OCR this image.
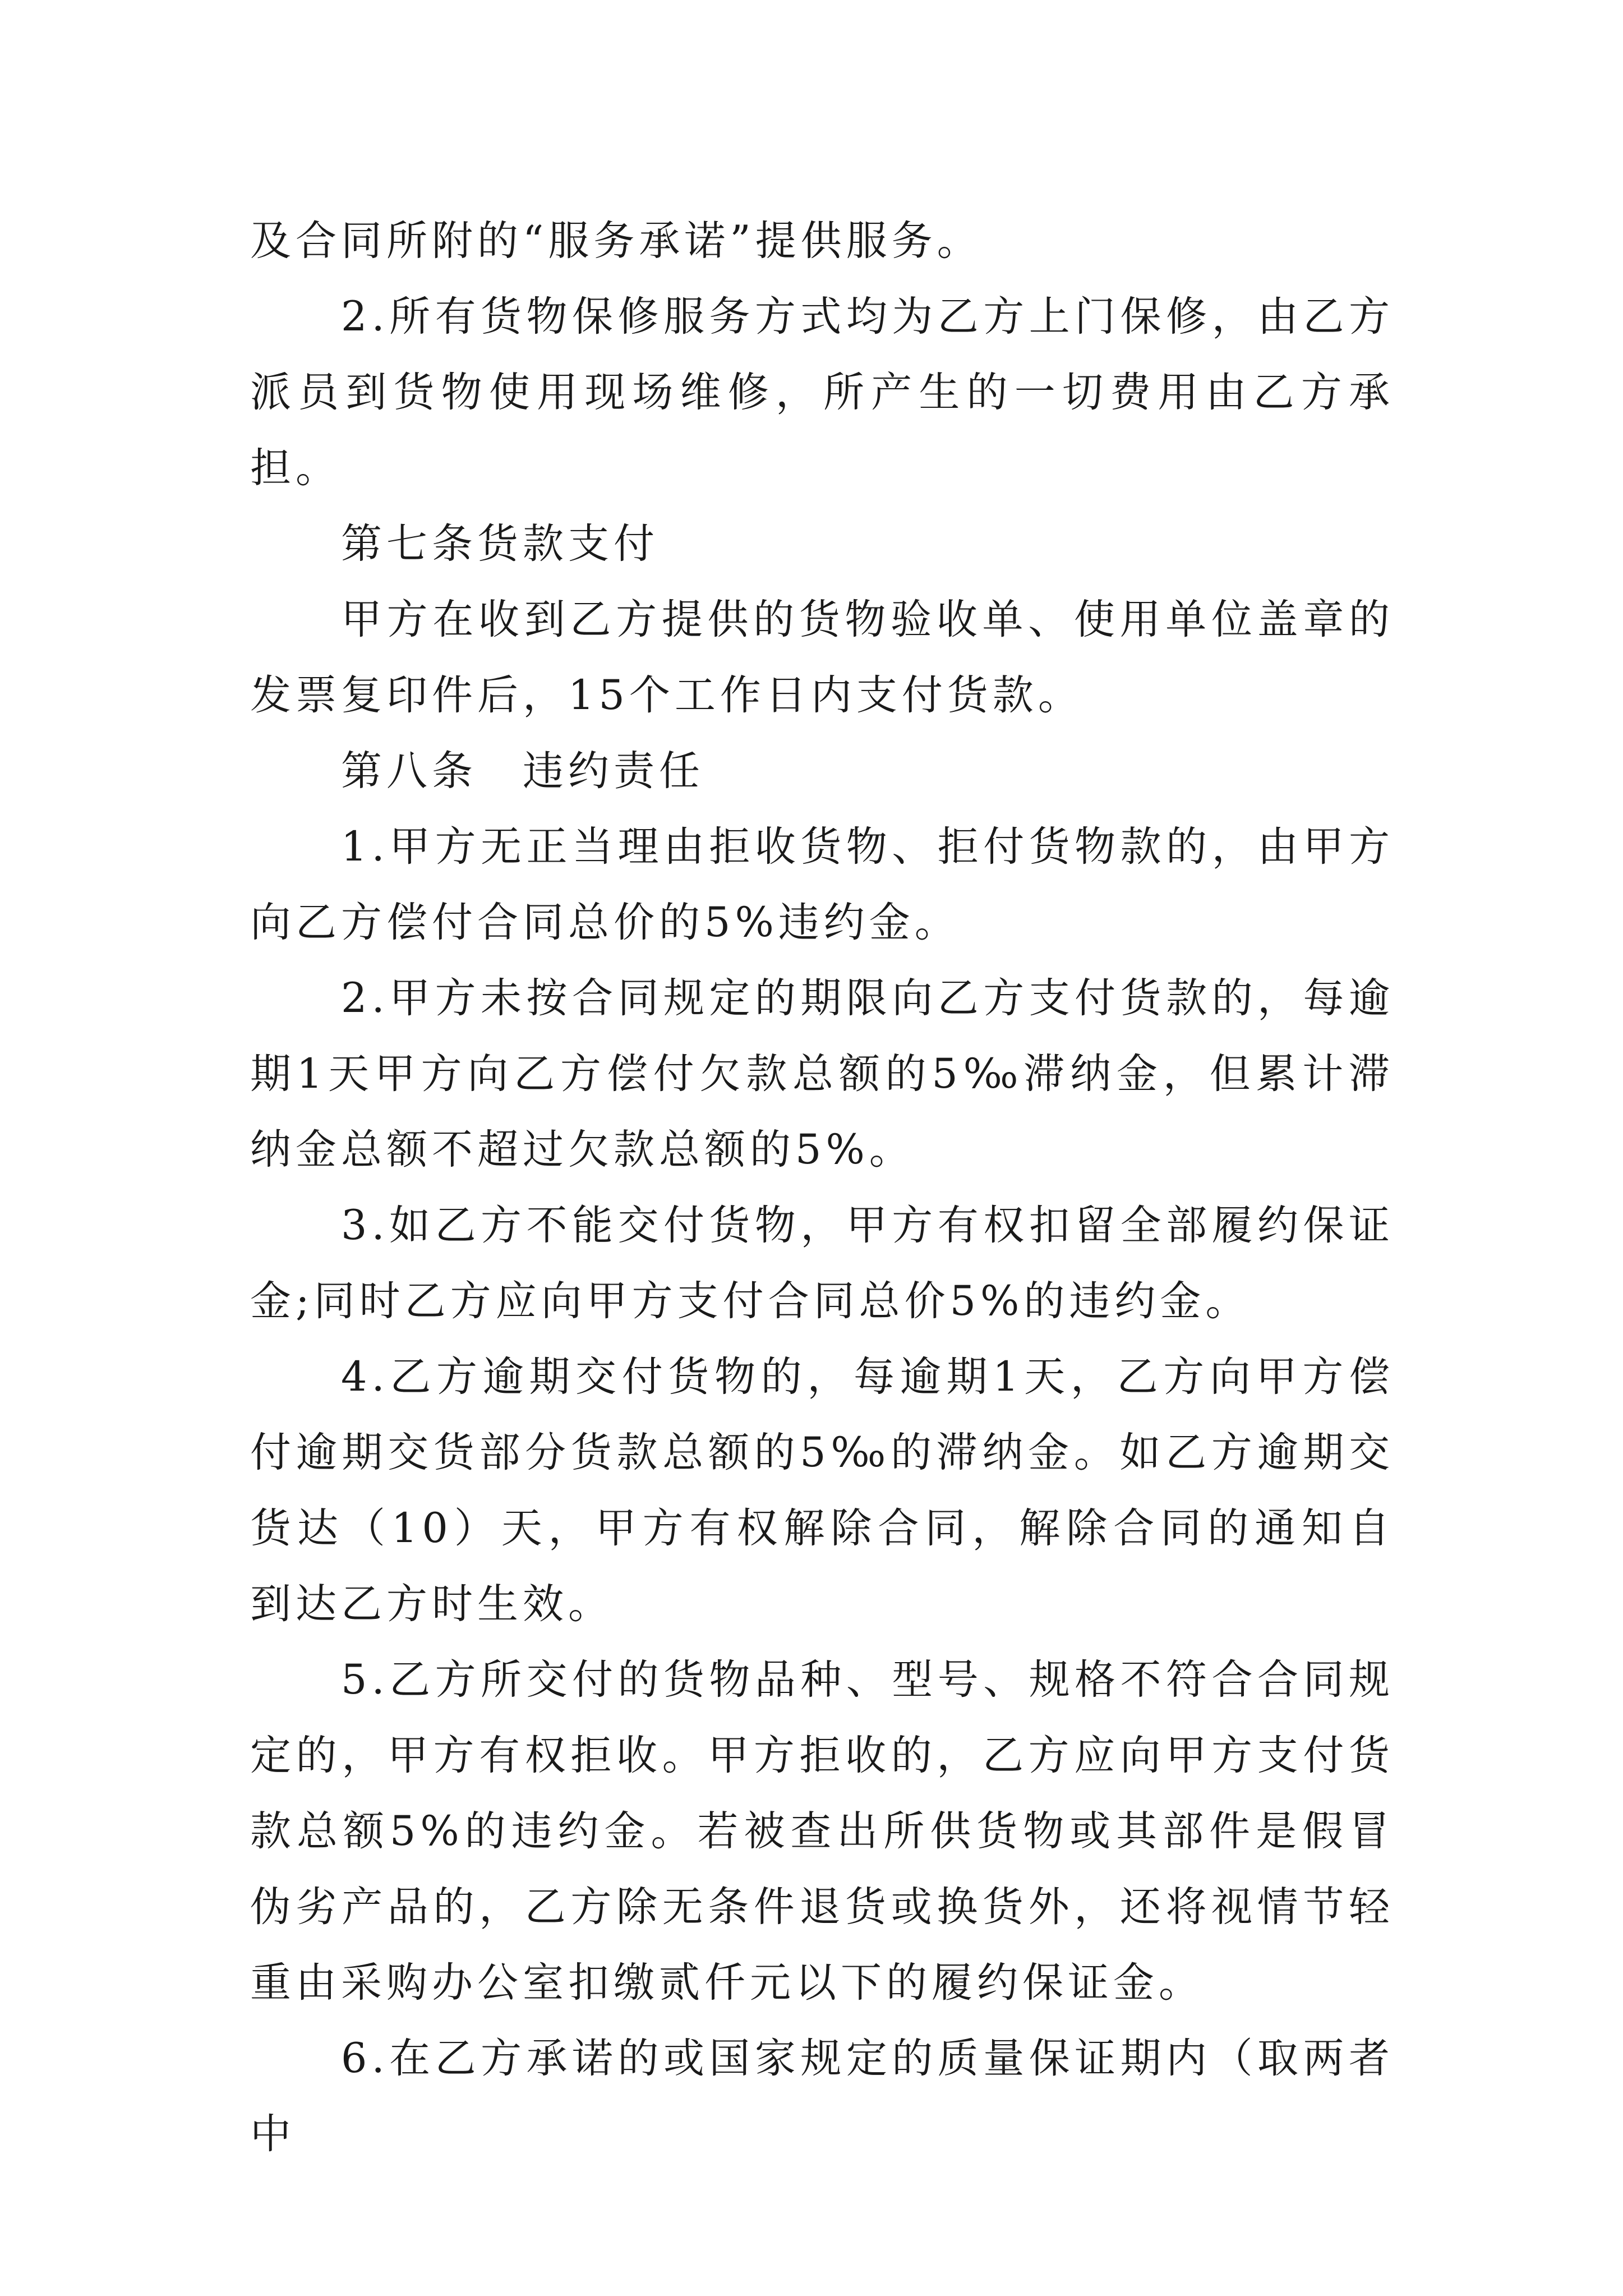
及合同所附的“服务承诺”提供服务。

2.所有货物保修服务方式均为乙方上门保修，由乙方派员到货物使用现场维修，所产生的一切费用由乙方承担。

第七条货款支付

甲方在收到乙方提供的货物验收单、使用单位盖章的发票复印件后，15个工作日内支付货款。

第八条　违约责任

1.甲方无正当理由拒收货物、拒付货物款的，由甲方向乙方偿付合同总价的5%违约金。

2.甲方未按合同规定的期限向乙方支付货款的，每逾期1天甲方向乙方偿付欠款总额的5‰滞纳金，但累计滞纳金总额不超过欠款总额的5%。

3.如乙方不能交付货物，甲方有权扣留全部履约保证金;同时乙方应向甲方支付合同总价5%的违约金。

4.乙方逾期交付货物的，每逾期1天，乙方向甲方偿付逾期交货部分货款总额的5‰的滞纳金。如乙方逾期交货达（10）天，甲方有权解除合同，解除合同的通知自到达乙方时生效。

5.乙方所交付的货物品种、型号、规格不符合合同规定的，甲方有权拒收。甲方拒收的，乙方应向甲方支付货款总额5%的违约金。若被查出所供货物或其部件是假冒伪劣产品的，乙方除无条件退货或换货外，还将视情节轻重由采购办公室扣缴贰仟元以下的履约保证金。

6.在乙方承诺的或国家规定的质量保证期内（取两者中
